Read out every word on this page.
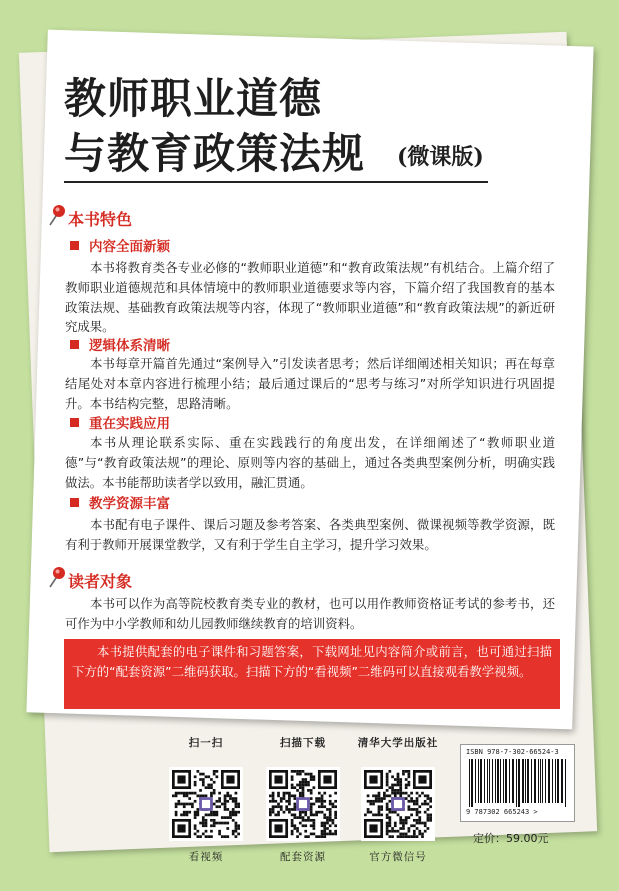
教师职业道德
与教育政策法规 (微课版)
本书特色
内容全面新颖
本书将教育类各专业必修的“教师职业道德”和“教育政策法规”有机结合。上篇介绍了教师职业道德规范和具体情境中的教师职业道德要求等内容，下篇介绍了我国教育的基本政策法规、基础教育政策法规等内容，体现了“教师职业道德”和“教育政策法规”的新近研究成果。
逻辑体系清晰
本书每章开篇首先通过“案例导入”引发读者思考；然后详细阐述相关知识；再在每章结尾处对本章内容进行梳理小结；最后通过课后的“思考与练习”对所学知识进行巩固提升。本书结构完整，思路清晰。
重在实践应用
本书从理论联系实际、重在实践践行的角度出发，在详细阐述了“教师职业道德”与“教育政策法规”的理论、原则等内容的基础上，通过各类典型案例分析，明确实践做法。本书能帮助读者学以致用，融汇贯通。
教学资源丰富
本书配有电子课件、课后习题及参考答案、各类典型案例、微课视频等教学资源，既有利于教师开展课堂教学，又有利于学生自主学习，提升学习效果。
读者对象
本书可以作为高等院校教育类专业的教材，也可以用作教师资格证考试的参考书，还可作为中小学教师和幼儿园教师继续教育的培训资料。
本书提供配套的电子课件和习题答案，下载网址见内容简介或前言，也可通过扫描下方的“配套资源”二维码获取。扫描下方的“看视频”二维码可以直接观看教学视频。
扫一扫
看视频
扫描下载
配套资源
清华大学出版社
官方微信号
ISBN 978-7-302-66524-3
9 787302 665243 >
定价：59.00元
